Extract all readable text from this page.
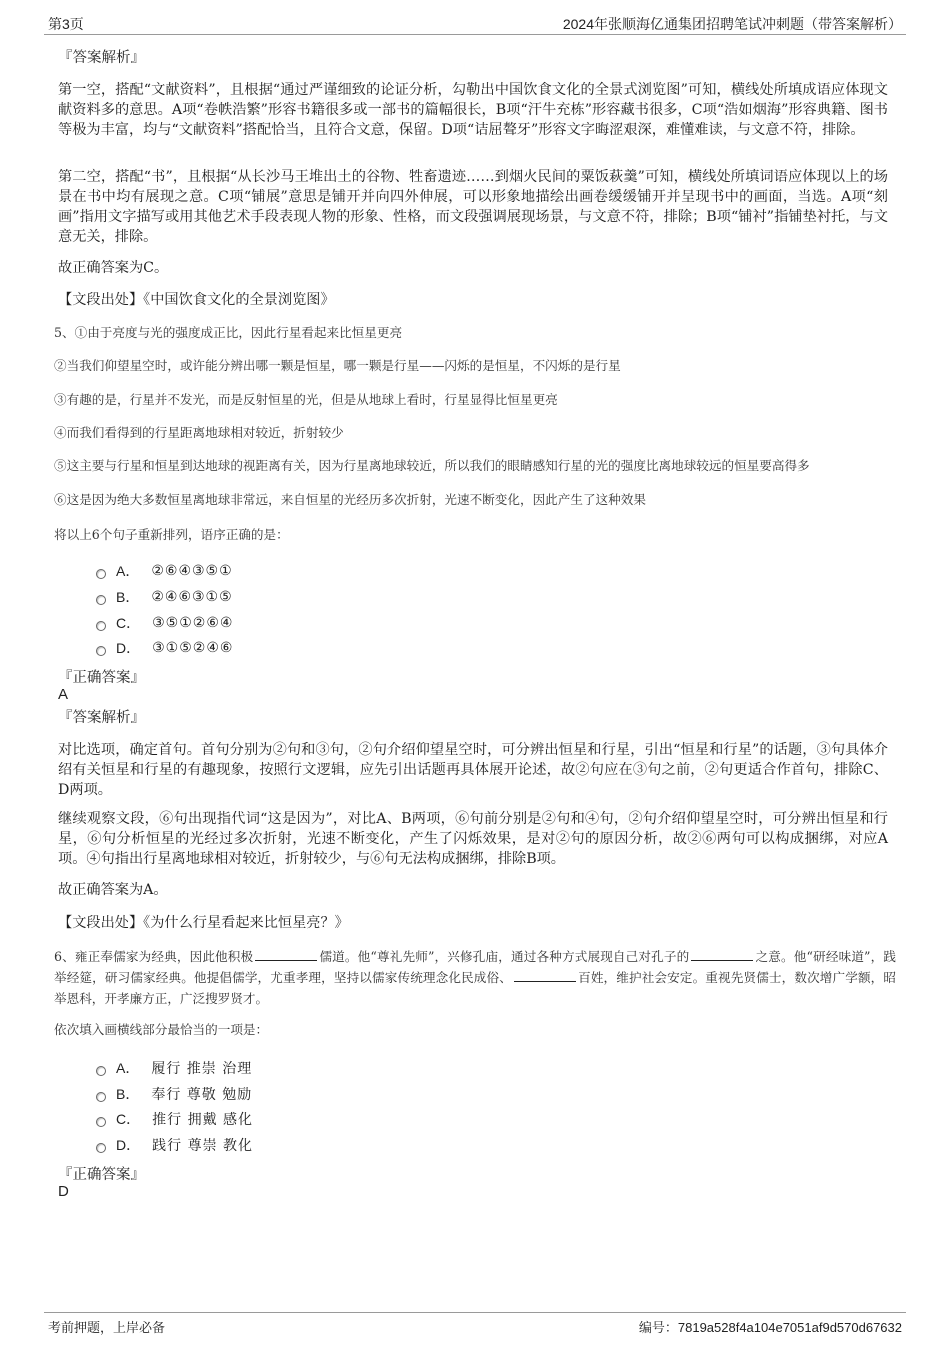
第3页	2024年张顺海亿通集团招聘笔试冲刺题（带答案解析）

『答案解析』

第一空，搭配“文献资料”，且根据“通过严谨细致的论证分析，勾勒出中国饮食文化的全景式浏览图”可知，横线处所填成语应体现文献资料多的意思。A项“卷帙浩繁”形容书籍很多或一部书的篇幅很长，B项“汗牛充栋”形容藏书很多，C项“浩如烟海”形容典籍、图书等极为丰富，均与“文献资料”搭配恰当，且符合文意，保留。D项“诘屈聱牙”形容文字晦涩艰深，难懂难读，与文意不符，排除。

第二空，搭配“书”，且根据“从长沙马王堆出土的谷物、牲畜遗迹……到烟火民间的粟饭萩羹”可知，横线处所填词语应体现以上的场景在书中均有展现之意。C项“铺展”意思是铺开并向四外伸展，可以形象地描绘出画卷缓缓铺开并呈现书中的画面，当选。A项“刻画”指用文字描写或用其他艺术手段表现人物的形象、性格，而文段强调展现场景，与文意不符，排除；B项“铺衬”指铺垫衬托，与文意无关，排除。

故正确答案为C。

【文段出处】《中国饮食文化的全景浏览图》

5、①由于亮度与光的强度成正比，因此行星看起来比恒星更亮

②当我们仰望星空时，或许能分辨出哪一颗是恒星，哪一颗是行星——闪烁的是恒星，不闪烁的是行星

③有趣的是，行星并不发光，而是反射恒星的光，但是从地球上看时，行星显得比恒星更亮

④而我们看得到的行星距离地球相对较近，折射较少

⑤这主要与行星和恒星到达地球的视距离有关，因为行星离地球较近，所以我们的眼睛感知行星的光的强度比离地球较远的恒星要高得多

⑥这是因为绝大多数恒星离地球非常远，来自恒星的光经历多次折射，光速不断变化，因此产生了这种效果

将以上6个句子重新排列，语序正确的是：

A． ②⑥④③⑤①
B． ②④⑥③①⑤
C． ③⑤①②⑥④
D． ③①⑤②④⑥

『正确答案』

A

『答案解析』

对比选项，确定首句。首句分别为②句和③句，②句介绍仰望星空时，可分辨出恒星和行星，引出“恒星和行星”的话题，③句具体介绍有关恒星和行星的有趣现象，按照行文逻辑，应先引出话题再具体展开论述，故②句应在③句之前，②句更适合作首句，排除C、D两项。

继续观察文段，⑥句出现指代词“这是因为”，对比A、B两项，⑥句前分别是②句和④句，②句介绍仰望星空时，可分辨出恒星和行星，⑥句分析恒星的光经过多次折射，光速不断变化，产生了闪烁效果，是对②句的原因分析，故②⑥两句可以构成捆绑，对应A项。④句指出行星离地球相对较近，折射较少，与⑥句无法构成捆绑，排除B项。

故正确答案为A。

【文段出处】《为什么行星看起来比恒星亮？》

6、雍正奉儒家为经典，因此他积极	儒道。他“尊礼先师”，兴修孔庙，通过各种方式展现自己对孔子的	之意。他“研经味道”，践举经筵，研习儒家经典。他提倡儒学，尤重孝理，坚持以儒家传统理念化民成俗、	百姓，维护社会安定。重视先贤儒士，数次增广学额，昭举恩科，开孝廉方正，广泛搜罗贤才。

依次填入画横线部分最恰当的一项是：

A． 履行 推崇 治理
B． 奉行 尊敬 勉励
C． 推行 拥戴 感化
D． 践行 尊崇 教化

『正确答案』

D

考前押题，上岸必备	编号：7819a528f4a104e7051af9d570d67632
